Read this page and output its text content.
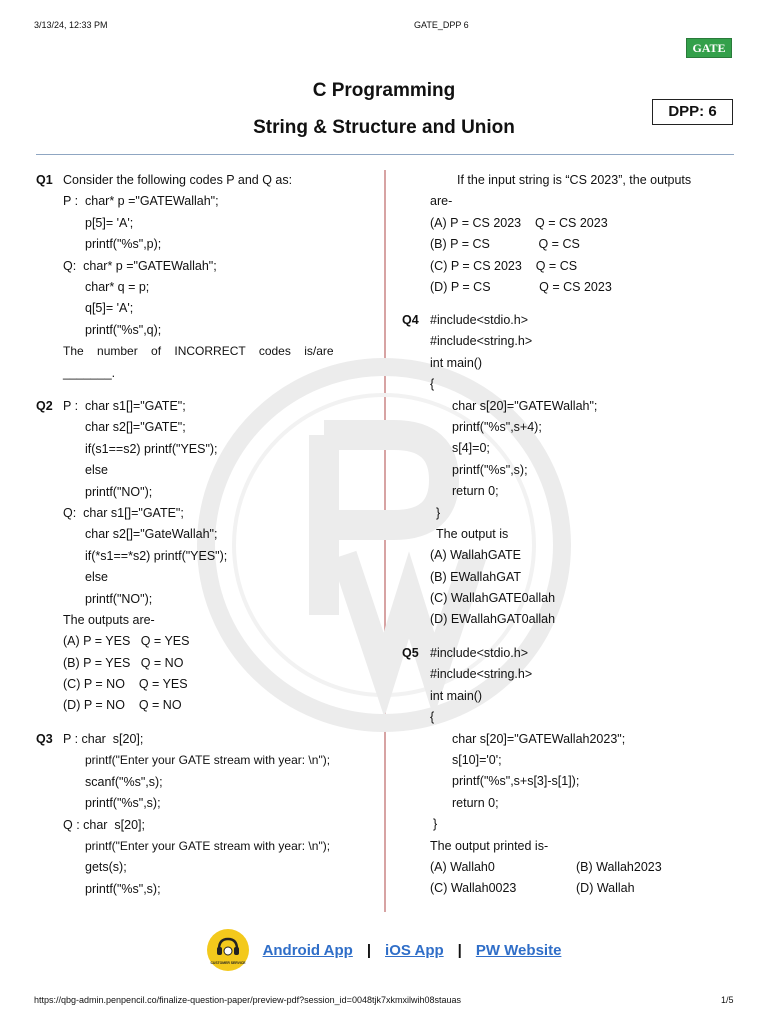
3/13/24, 12:33 PM	GATE_DPP 6
GATE
C Programming
String & Structure and Union
DPP: 6
Q1 Consider the following codes P and Q as:
P :  char* p ="GATEWallah";
p[5]= 'A';
printf("%s",p);
Q:  char* p ="GATEWallah";
char* q = p;
q[5]= 'A';
printf("%s",q);
The    number    of    INCORRECT    codes    is/are
_______.
Q2 P :  char s1[]="GATE";
char s2[]="GATE";
if(s1==s2) printf("YES");
else
printf("NO");
Q:  char s1[]="GATE";
char s2[]="GateWallah";
if(*s1==*s2) printf("YES");
else
printf("NO");
The outputs are-
(A) P = YES   Q = YES
(B) P = YES   Q = NO
(C) P = NO    Q = YES
(D) P = NO    Q = NO
Q3 P : char  s[20];
printf("Enter your GATE stream with year: \n");
scanf("%s",s);
printf("%s",s);
Q : char  s[20];
printf("Enter your GATE stream with year: \n");
gets(s);
printf("%s",s);
If the input string is “CS 2023”, the outputs
are-
(A) P = CS 2023    Q = CS 2023
(B) P = CS              Q = CS
(C) P = CS 2023    Q = CS
(D) P = CS              Q = CS 2023
Q4 #include<stdio.h>
#include<string.h>
int main()
{
char s[20]="GATEWallah";
printf("%s",s+4);
s[4]=0;
printf("%s",s);
return 0;
}
The output is
(A) WallahGATE
(B) EWallahGAT
(C) WallahGATE0allah
(D) EWallahGAT0allah
Q5 #include<stdio.h>
#include<string.h>
int main()
{
char s[20]="GATEWallah2023";
s[10]='0';
printf("%s",s+s[3]-s[1]);
return 0;
}
The output printed is-
(A) Wallah0	(B) Wallah2023
(C) Wallah0023	(D) Wallah
CUSTOMER SERVICE
Android App | iOS App | PW Website
https://qbg-admin.penpencil.co/finalize-question-paper/preview-pdf?session_id=0048tjk7xkmxilwih08stauas	1/5
